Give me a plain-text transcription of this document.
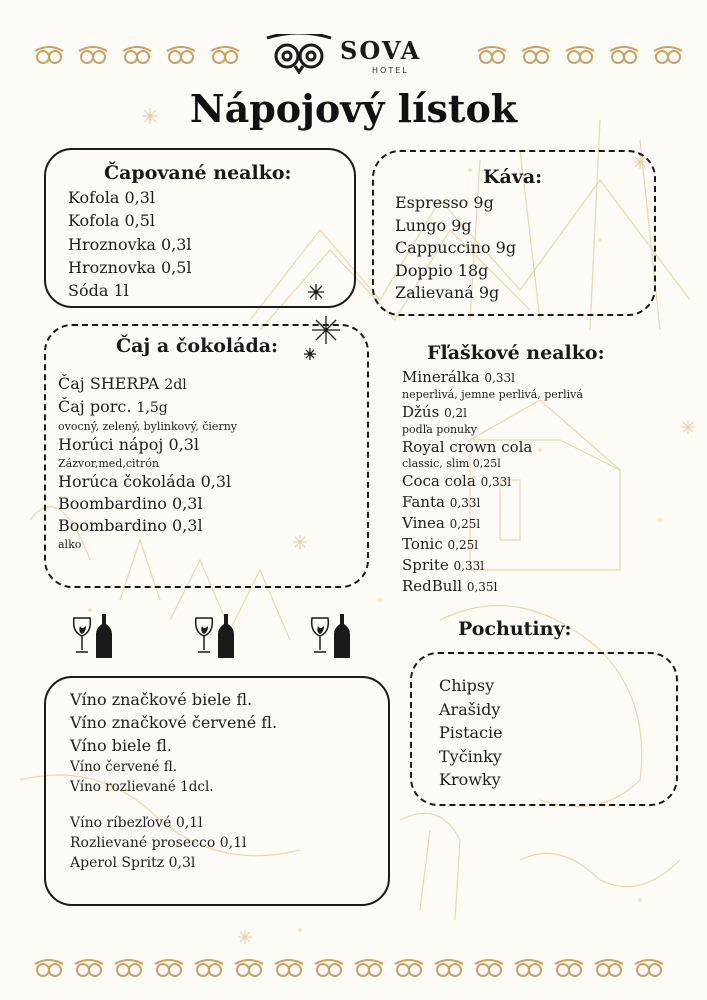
SOVA
HOTEL
Nápojový lístok
Čapované nealko:
Kofola 0,3l
Kofola 0,5l
Hroznovka 0,3l
Hroznovka 0,5l
Sóda 1l
Káva:
Espresso 9g
Lungo 9g
Cappuccino 9g
Doppio 18g
Zalievaná 9g
Čaj a čokoláda:
Čaj SHERPA 2dl
Čaj porc. 1,5g
ovocný, zelený, bylinkový, čierny
Horúci nápoj 0,3l
Zázvor,med,citrón
Horúca čokoláda 0,3l
Boombardino 0,3l
Boombardino 0,3l
alko
Fľaškové nealko:
Minerálka 0,33l
neperlivá, jemne perlivá, perlivá
Džús 0,2l
podľa ponuky
Royal crown cola
classic, slim 0,25l
Coca cola 0,33l
Fanta 0,33l
Vinea 0,25l
Tonic 0,25l
Sprite 0,33l
RedBull 0,35l
Pochutiny:
Chipsy
Arašidy
Pistacie
Tyčinky
Krowky
Víno značkové biele fl.
Víno značkové červené fl.
Víno biele fl.
Víno červené fl.
Víno rozlievané 1dcl.
Víno ríbezľové 0,1l
Rozlievané prosecco 0,1l
Aperol Spritz 0,3l
